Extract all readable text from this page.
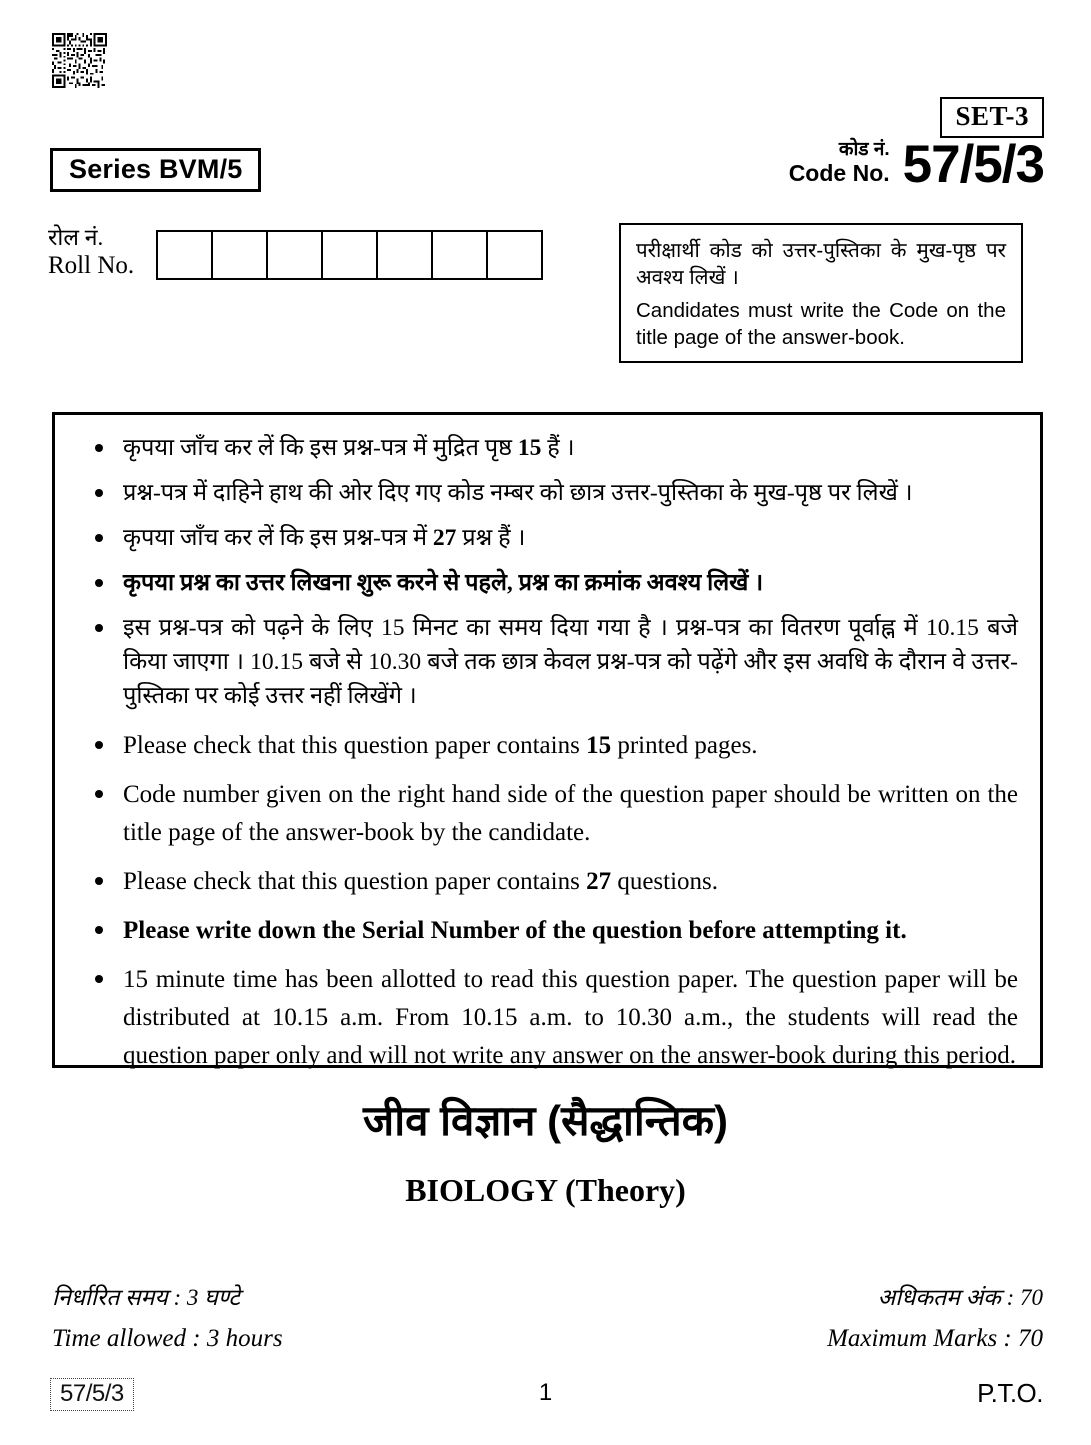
Series BVM/5
SET-3
कोड नं.
Code No. 57/5/3
रोल नं.
Roll No.

परीक्षार्थी कोड को उत्तर-पुस्तिका के मुख-पृष्ठ पर अवश्य लिखें ।

Candidates must write the Code on the title page of the answer-book.

कृपया जाँच कर लें कि इस प्रश्न-पत्र में मुद्रित पृष्ठ 15 हैं ।
प्रश्न-पत्र में दाहिने हाथ की ओर दिए गए कोड नम्बर को छात्र उत्तर-पुस्तिका के मुख-पृष्ठ पर लिखें ।
कृपया जाँच कर लें कि इस प्रश्न-पत्र में 27 प्रश्न हैं ।
कृपया प्रश्न का उत्तर लिखना शुरू करने से पहले, प्रश्न का क्रमांक अवश्य लिखें ।
इस प्रश्न-पत्र को पढ़ने के लिए 15 मिनट का समय दिया गया है । प्रश्न-पत्र का वितरण पूर्वाह्न में 10.15 बजे किया जाएगा । 10.15 बजे से 10.30 बजे तक छात्र केवल प्रश्न-पत्र को पढ़ेंगे और इस अवधि के दौरान वे उत्तर-पुस्तिका पर कोई उत्तर नहीं लिखेंगे ।
Please check that this question paper contains 15 printed pages.
Code number given on the right hand side of the question paper should be written on the title page of the answer-book by the candidate.
Please check that this question paper contains 27 questions.
Please write down the Serial Number of the question before attempting it.
15 minute time has been allotted to read this question paper. The question paper will be distributed at 10.15 a.m. From 10.15 a.m. to 10.30 a.m., the students will read the question paper only and will not write any answer on the answer-book during this period.
जीव विज्ञान (सैद्धान्तिक)
BIOLOGY (Theory)
निर्धारित समय : 3 घण्टे	अधिकतम अंक : 70
Time allowed : 3 hours	Maximum Marks : 70
57/5/3	1	P.T.O.
